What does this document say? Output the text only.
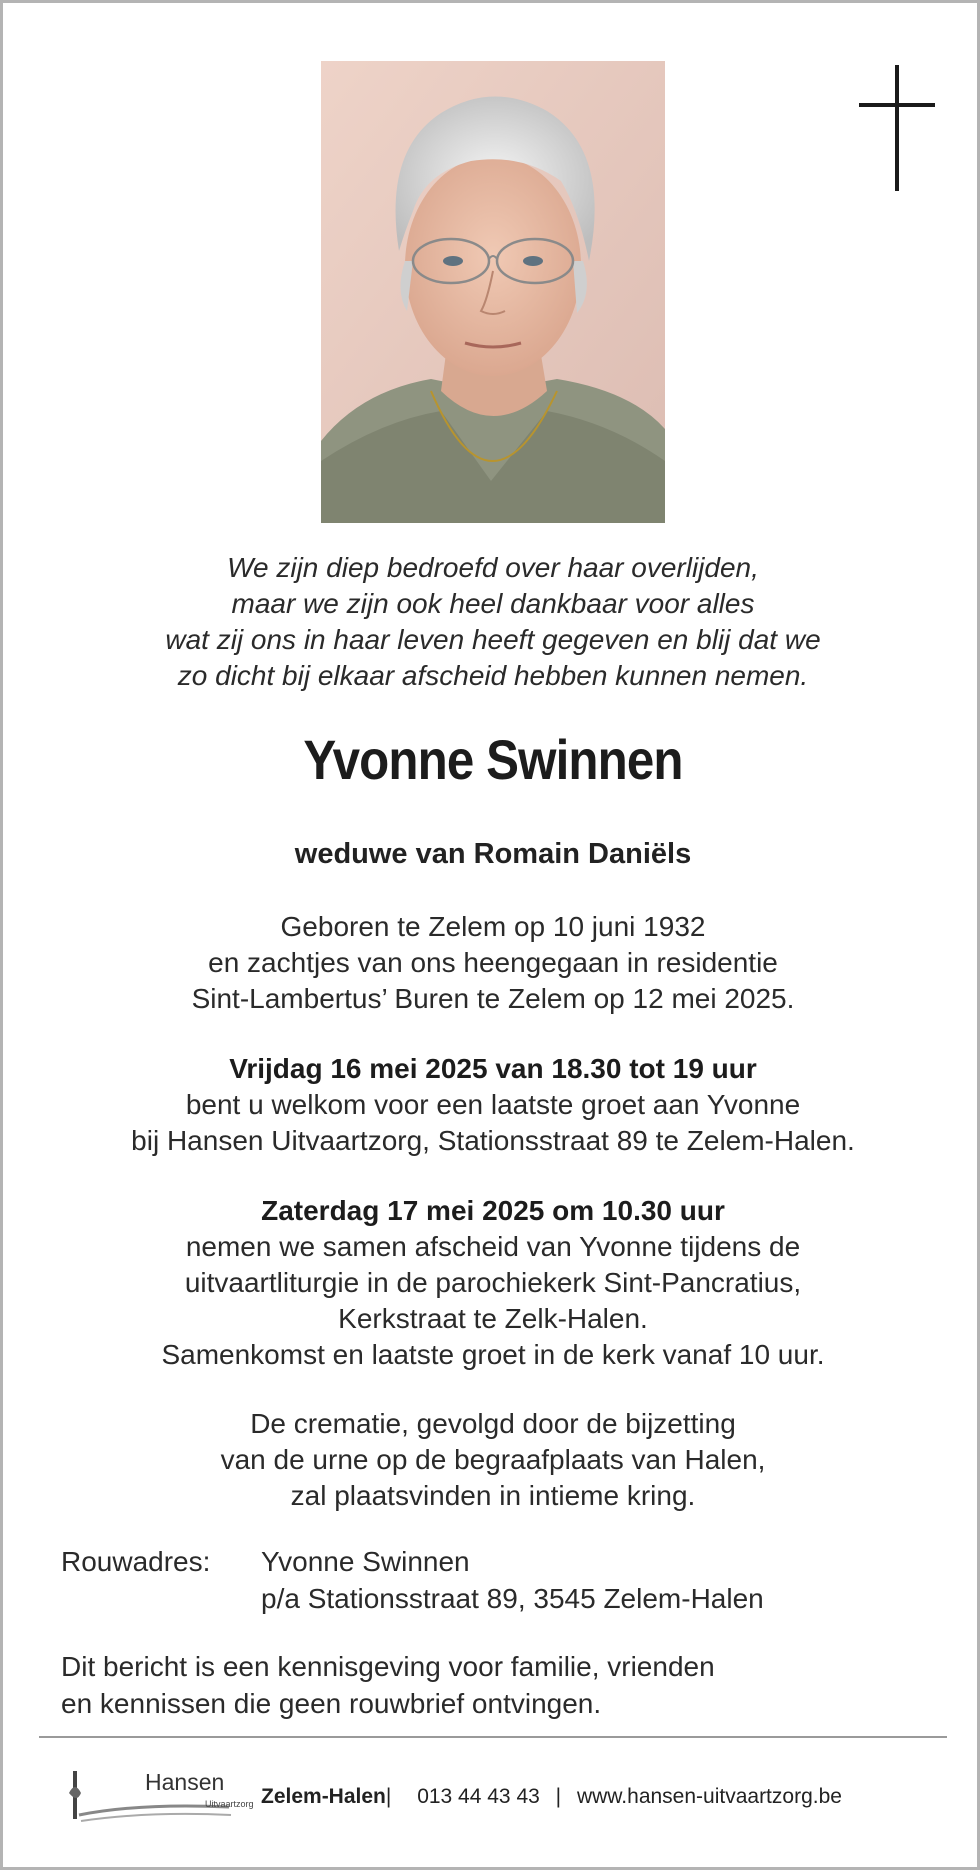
We zijn diep bedroefd over haar overlijden,
maar we zijn ook heel dankbaar voor alles
wat zij ons in haar leven heeft gegeven en blij dat we
zo dicht bij elkaar afscheid hebben kunnen nemen.
Yvonne Swinnen
weduwe van Romain Daniëls
Geboren te Zelem op 10 juni 1932
en zachtjes van ons heengegaan in residentie
Sint-Lambertus’ Buren te Zelem op 12 mei 2025.
Vrijdag 16 mei 2025 van 18.30 tot 19 uur
bent u welkom voor een laatste groet aan Yvonne
bij Hansen Uitvaartzorg, Stationsstraat 89 te Zelem-Halen.
Zaterdag 17 mei 2025 om 10.30 uur
nemen we samen afscheid van Yvonne tijdens de
uitvaartliturgie in de parochiekerk Sint-Pancratius,
Kerkstraat te Zelk-Halen.
Samenkomst en laatste groet in de kerk vanaf 10 uur.
De crematie, gevolgd door de bijzetting
van de urne op de begraafplaats van Halen,
zal plaatsvinden in intieme kring.
Rouwadres: Yvonne Swinnen
p/a Stationsstraat 89, 3545 Zelem-Halen
Dit bericht is een kennisgeving voor familie, vrienden
en kennissen die geen rouwbrief ontvingen.
Hansen
Uitvaartzorg Zelem-Halen| 013 44 43 43 | www.hansen-uitvaartzorg.be
